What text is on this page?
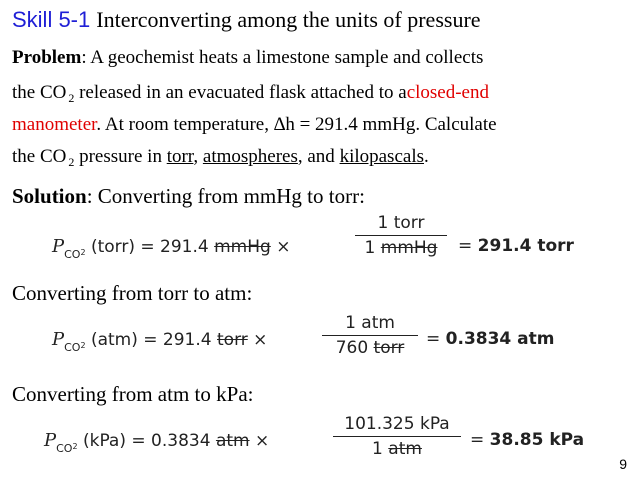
Skill 5-1 Interconverting among the units of pressure
Problem: A geochemist heats a limestone sample and collects
the CO $_2$ released in an evacuated flask attached to aclosed-end
manometer. At room temperature, ∆h = 291.4 mmHg. Calculate
the CO $_2$ pressure in torr, atmospheres, and kilopascals.
Solution: Converting from mmHg to torr:
$P_{CO}2$ (torr) = 291.4 mmHg ×
1 torr
1 mmHg	= 291.4 torr
Converting from torr to atm:
$P_{CO}2$ (atm) = 291.4 torr ×
1 atm
760 torr	= 0.3834 atm
Converting from atm to kPa:
$P_{CO}2$ (kPa) = 0.3834 atm ×
101.325 kPa
1 atm	= 38.85 kPa
9
